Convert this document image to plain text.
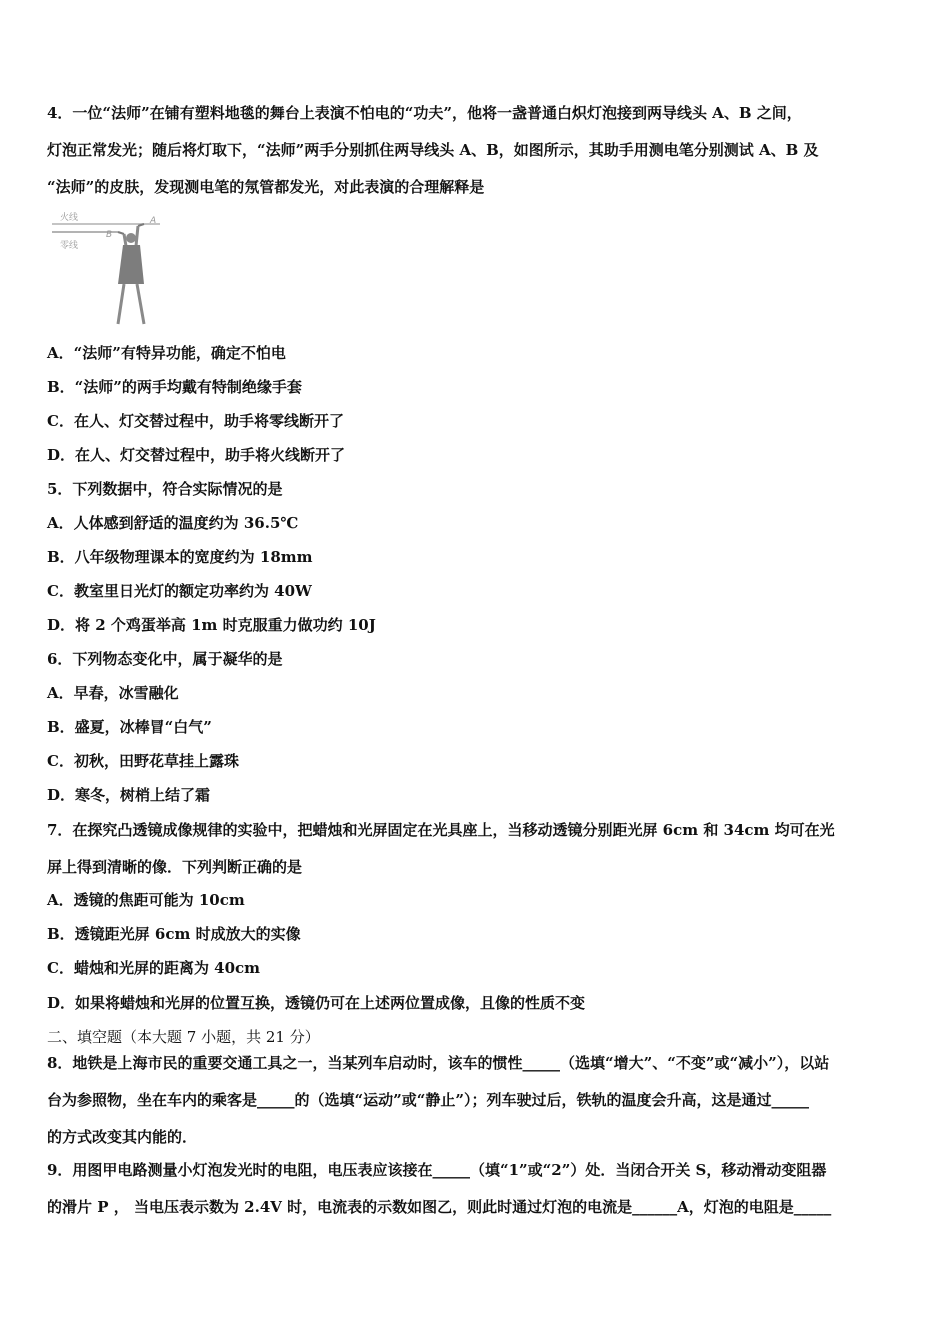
4．一位“法师”在铺有塑料地毯的舞台上表演不怕电的“功夫”，他将一盏普通白炽灯泡接到两导线头 A、B 之间，
灯泡正常发光；随后将灯取下，“法师”两手分别抓住两导线头 A、B，如图所示，其助手用测电笔分别测试 A、B 及
“法师”的皮肤，发现测电笔的氖管都发光，对此表演的合理解释是
火线
零线
B
A
A．“法师”有特异功能，确定不怕电
B．“法师”的两手均戴有特制绝缘手套
C．在人、灯交替过程中，助手将零线断开了
D．在人、灯交替过程中，助手将火线断开了
5．下列数据中，符合实际情况的是
A．人体感到舒适的温度约为 36.5℃
B．八年级物理课本的宽度约为 18mm
C．教室里日光灯的额定功率约为 40W
D．将 2 个鸡蛋举高 1m 时克服重力做功约 10J
6．下列物态变化中，属于凝华的是
A．早春，冰雪融化
B．盛夏，冰棒冒“白气”
C．初秋，田野花草挂上露珠
D．寒冬，树梢上结了霜
7．在探究凸透镜成像规律的实验中，把蜡烛和光屏固定在光具座上，当移动透镜分别距光屏 6cm 和 34cm 均可在光
屏上得到清晰的像．下列判断正确的是
A．透镜的焦距可能为 10cm
B．透镜距光屏 6cm 时成放大的实像
C．蜡烛和光屏的距离为 40cm
D．如果将蜡烛和光屏的位置互换，透镜仍可在上述两位置成像，且像的性质不变
二、填空题（本大题 7 小题，共 21 分）
8．地铁是上海市民的重要交通工具之一，当某列车启动时，该车的惯性_____（选填“增大”、“不变”或“减小”），以站
台为参照物，坐在车内的乘客是_____的（选填“运动”或“静止”）；列车驶过后，铁轨的温度会升高，这是通过_____
的方式改变其内能的．
9．用图甲电路测量小灯泡发光时的电阻，电压表应该接在_____（填“1”或“2”）处．当闭合开关 S，移动滑动变阻器
的滑片 P ， 当电压表示数为 2.4V 时，电流表的示数如图乙，则此时通过灯泡的电流是______A，灯泡的电阻是_____
